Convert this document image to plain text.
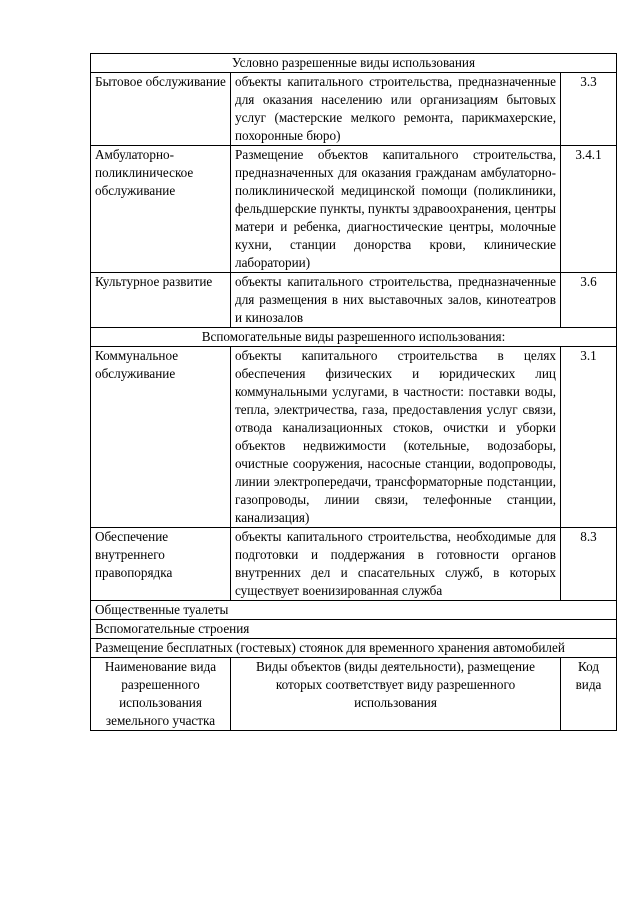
Условно разрешенные виды использования		
Бытовое обслуживание	объекты капитального строительства, предназначенные для оказания населению или организациям бытовых услуг (мастерские мелкого ремонта, парикмахерские, похоронные бюро)	3.3
Амбулаторно-поликлиническое обслуживание	Размещение объектов капитального строительства, предназначенных для оказания гражданам амбулаторно-поликлинической медицинской помощи (поликлиники, фельдшерские пункты, пункты здравоохранения, центры матери и ребенка, диагностические центры, молочные кухни, станции донорства крови, клинические лаборатории)	3.4.1
Культурное развитие	объекты капитального строительства, предназначенные для размещения в них выставочных залов, кинотеатров и кинозалов	3.6
Вспомогательные виды разрешенного использования:		
Коммунальное обслуживание	объекты капитального строительства в целях обеспечения физических и юридических лиц коммунальными услугами, в частности: поставки воды, тепла, электричества, газа, предоставления услуг связи, отвода канализационных стоков, очистки и уборки объектов недвижимости (котельные, водозаборы, очистные сооружения, насосные станции, водопроводы, линии электропередачи, трансформаторные подстанции, газопроводы, линии связи, телефонные станции, канализация)	3.1
Обеспечение внутреннего правопорядка	объекты капитального строительства, необходимые для подготовки и поддержания в готовности органов внутренних дел и спасательных служб, в которых существует военизированная служба	8.3
Общественные туалеты		
Вспомогательные строения		
Размещение бесплатных (гостевых) стоянок для временного хранения автомобилей		
Наименование вида разрешенного использования земельного участка	Виды объектов (виды деятельности), размещение которых соответствует виду разрешенного использования	Код вида
